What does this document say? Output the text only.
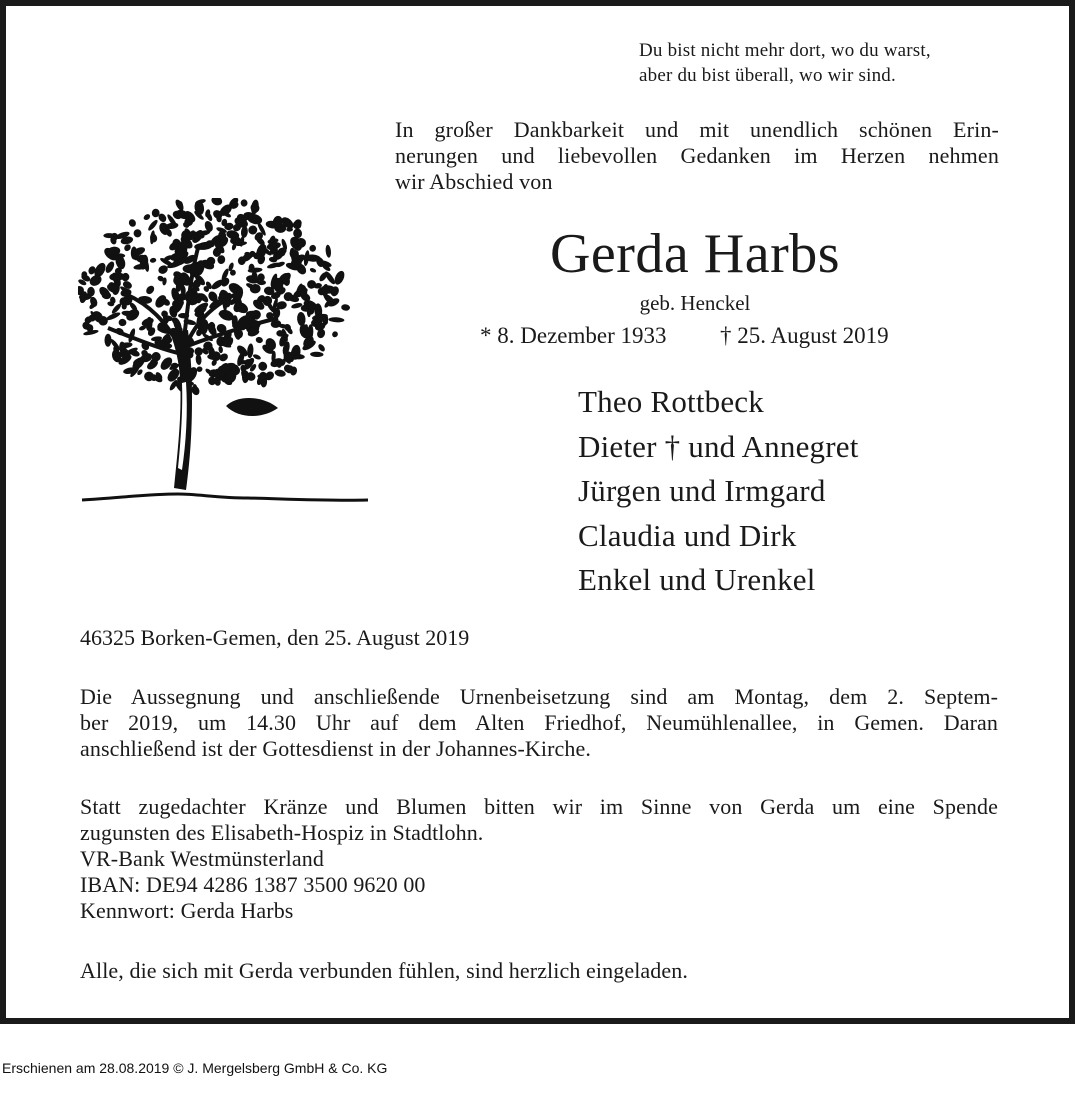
Du bist nicht mehr dort, wo du warst,
aber du bist überall, wo wir sind.
In großer Dankbarkeit und mit unendlich schönen Erin-
nerungen und liebevollen Gedanken im Herzen nehmen
wir Abschied von
Gerda Harbs
geb. Henckel
* 8. Dezember 1933 † 25. August 2019
Theo Rottbeck
Dieter † und Annegret
Jürgen und Irmgard
Claudia und Dirk
Enkel und Urenkel
46325 Borken-Gemen, den 25. August 2019
Die Aussegnung und anschließende Urnenbeisetzung sind am Montag, dem 2. Septem-
ber 2019, um 14.30 Uhr auf dem Alten Friedhof, Neumühlenallee, in Gemen. Daran
anschließend ist der Gottesdienst in der Johannes-Kirche.
Statt zugedachter Kränze und Blumen bitten wir im Sinne von Gerda um eine Spende
zugunsten des Elisabeth-Hospiz in Stadtlohn.
VR-Bank Westmünsterland
IBAN: DE94 4286 1387 3500 9620 00
Kennwort: Gerda Harbs
Alle, die sich mit Gerda verbunden fühlen, sind herzlich eingeladen.
Erschienen am 28.08.2019 © J. Mergelsberg GmbH & Co. KG
